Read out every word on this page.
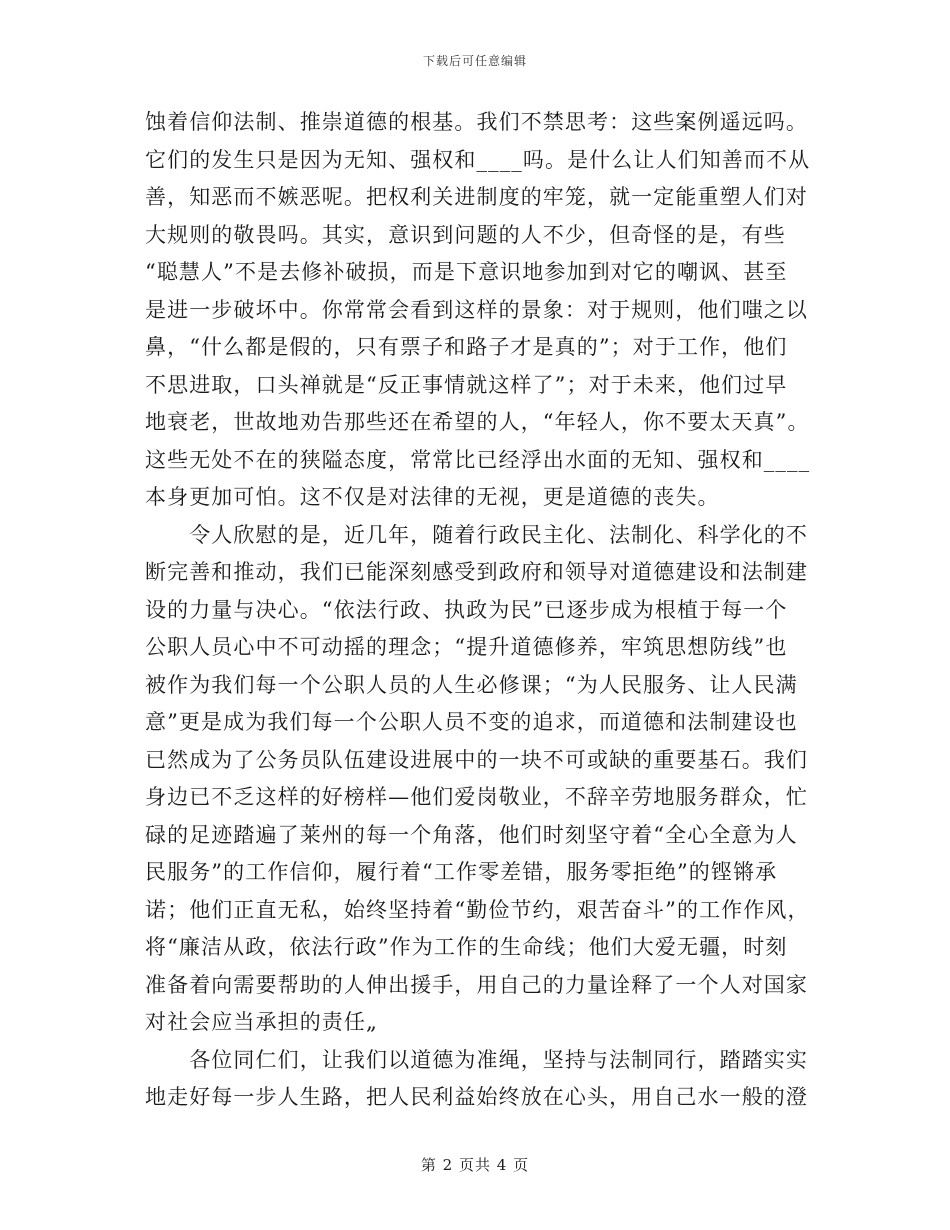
下载后可任意编辑

蚀着信仰法制、推崇道德的根基。我们不禁思考：这些案例遥远吗。
它们的发生只是因为无知、强权和____吗。是什么让人们知善而不从
善，知恶而不嫉恶呢。把权利关进制度的牢笼，就一定能重塑人们对
大规则的敬畏吗。其实，意识到问题的人不少，但奇怪的是，有些
“聪慧人”不是去修补破损，而是下意识地参加到对它的嘲讽、甚至
是进一步破坏中。你常常会看到这样的景象：对于规则，他们嗤之以
鼻，“什么都是假的，只有票子和路子才是真的”；对于工作，他们
不思进取，口头禅就是“反正事情就这样了”；对于未来，他们过早
地衰老，世故地劝告那些还在希望的人，“年轻人，你不要太天真”。
这些无处不在的狭隘态度，常常比已经浮出水面的无知、强权和____
本身更加可怕。这不仅是对法律的无视，更是道德的丧失。

　　令人欣慰的是，近几年，随着行政民主化、法制化、科学化的不
断完善和推动，我们已能深刻感受到政府和领导对道德建设和法制建
设的力量与决心。“依法行政、执政为民”已逐步成为根植于每一个
公职人员心中不可动摇的理念；“提升道德修养，牢筑思想防线”也
被作为我们每一个公职人员的人生必修课；“为人民服务、让人民满
意”更是成为我们每一个公职人员不变的追求，而道德和法制建设也
已然成为了公务员队伍建设进展中的一块不可或缺的重要基石。我们
身边已不乏这样的好榜样—他们爱岗敬业，不辞辛劳地服务群众，忙
碌的足迹踏遍了莱州的每一个角落，他们时刻坚守着“全心全意为人
民服务”的工作信仰，履行着“工作零差错，服务零拒绝”的铿锵承
诺；他们正直无私，始终坚持着“勤俭节约，艰苦奋斗”的工作作风，
将“廉洁从政，依法行政”作为工作的生命线；他们大爱无疆，时刻
准备着向需要帮助的人伸出援手，用自己的力量诠释了一个人对国家
对社会应当承担的责任„

　　各位同仁们，让我们以道德为准绳，坚持与法制同行，踏踏实实
地走好每一步人生路，把人民利益始终放在心头，用自己水一般的澄

第 2 页共 4 页
